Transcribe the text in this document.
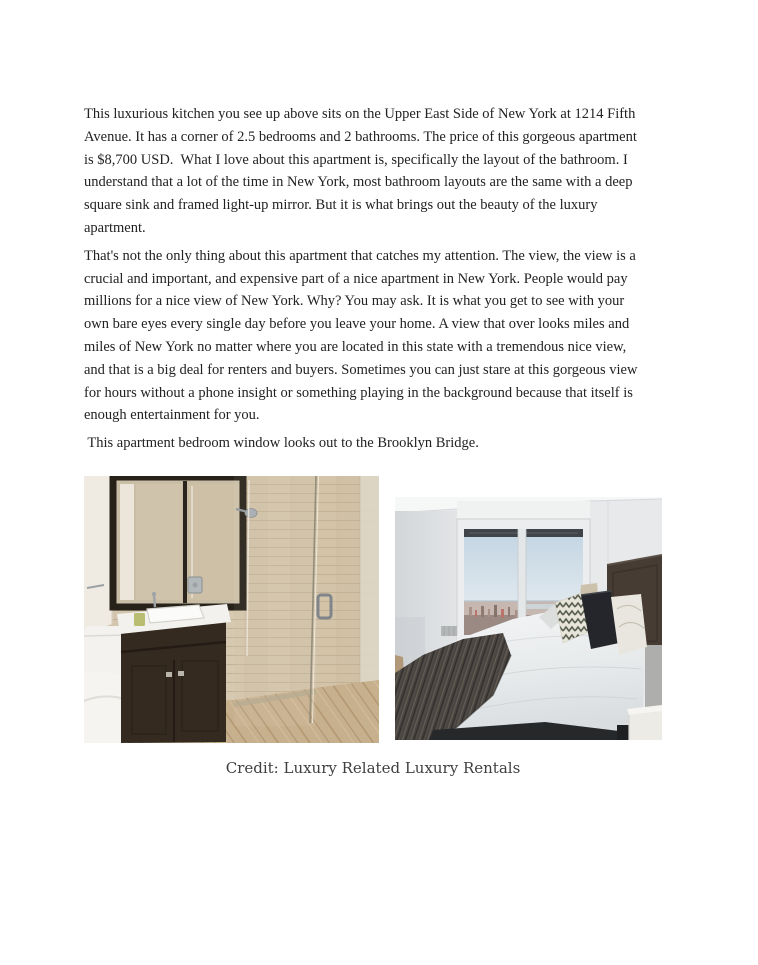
This luxurious kitchen you see up above sits on the Upper East Side of New York at 1214 Fifth
Avenue. It has a corner of 2.5 bedrooms and 2 bathrooms. The price of this gorgeous apartment
is $8,700 USD.  What I love about this apartment is, specifically the layout of the bathroom. I
understand that a lot of the time in New York, most bathroom layouts are the same with a deep
square sink and framed light-up mirror. But it is what brings out the beauty of the luxury
apartment.

That's not the only thing about this apartment that catches my attention. The view, the view is a
crucial and important, and expensive part of a nice apartment in New York. People would pay
millions for a nice view of New York. Why? You may ask. It is what you get to see with your
own bare eyes every single day before you leave your home. A view that over looks miles and
miles of New York no matter where you are located in this state with a tremendous nice view,
and that is a big deal for renters and buyers. Sometimes you can just stare at this gorgeous view
for hours without a phone insight or something playing in the background because that itself is
enough entertainment for you.

This apartment bedroom window looks out to the Brooklyn Bridge.

Credit: Luxury Related Luxury Rentals
